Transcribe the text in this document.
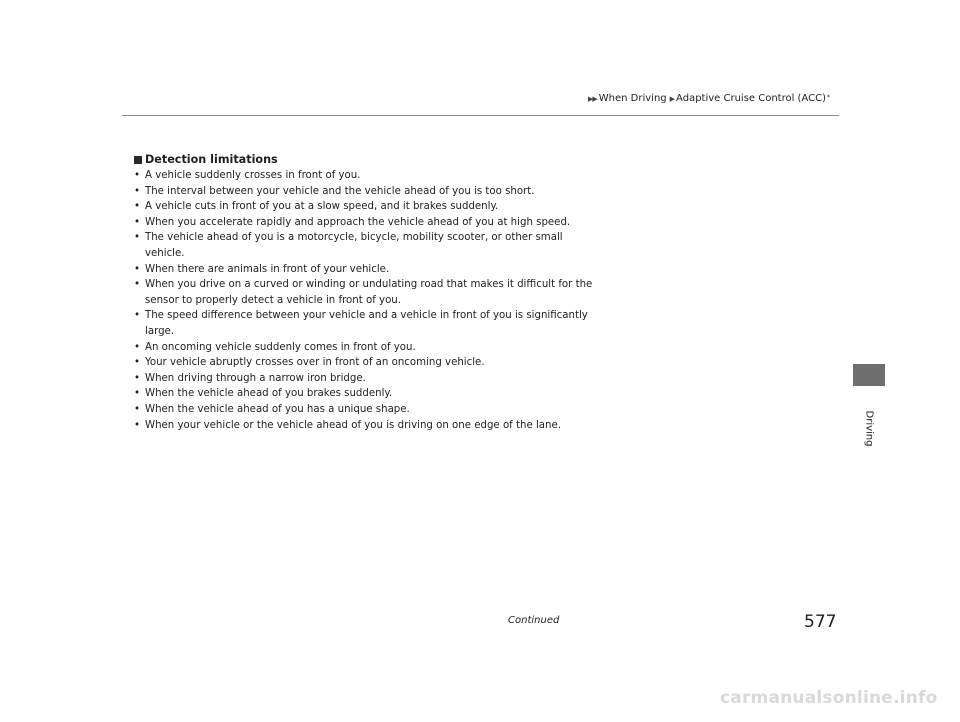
▶▶ When Driving ▶ Adaptive Cruise Control (ACC)*
Detection limitations
• A vehicle suddenly crosses in front of you.
• The interval between your vehicle and the vehicle ahead of you is too short.
• A vehicle cuts in front of you at a slow speed, and it brakes suddenly.
• When you accelerate rapidly and approach the vehicle ahead of you at high speed.
• The vehicle ahead of you is a motorcycle, bicycle, mobility scooter, or other small vehicle.
• When there are animals in front of your vehicle.
• When you drive on a curved or winding or undulating road that makes it difficult for the sensor to properly detect a vehicle in front of you.
• The speed difference between your vehicle and a vehicle in front of you is significantly large.
• An oncoming vehicle suddenly comes in front of you.
• Your vehicle abruptly crosses over in front of an oncoming vehicle.
• When driving through a narrow iron bridge.
• When the vehicle ahead of you brakes suddenly.
• When the vehicle ahead of you has a unique shape.
• When your vehicle or the vehicle ahead of you is driving on one edge of the lane.	Driving
Continued	577
carmanualsonline.info
